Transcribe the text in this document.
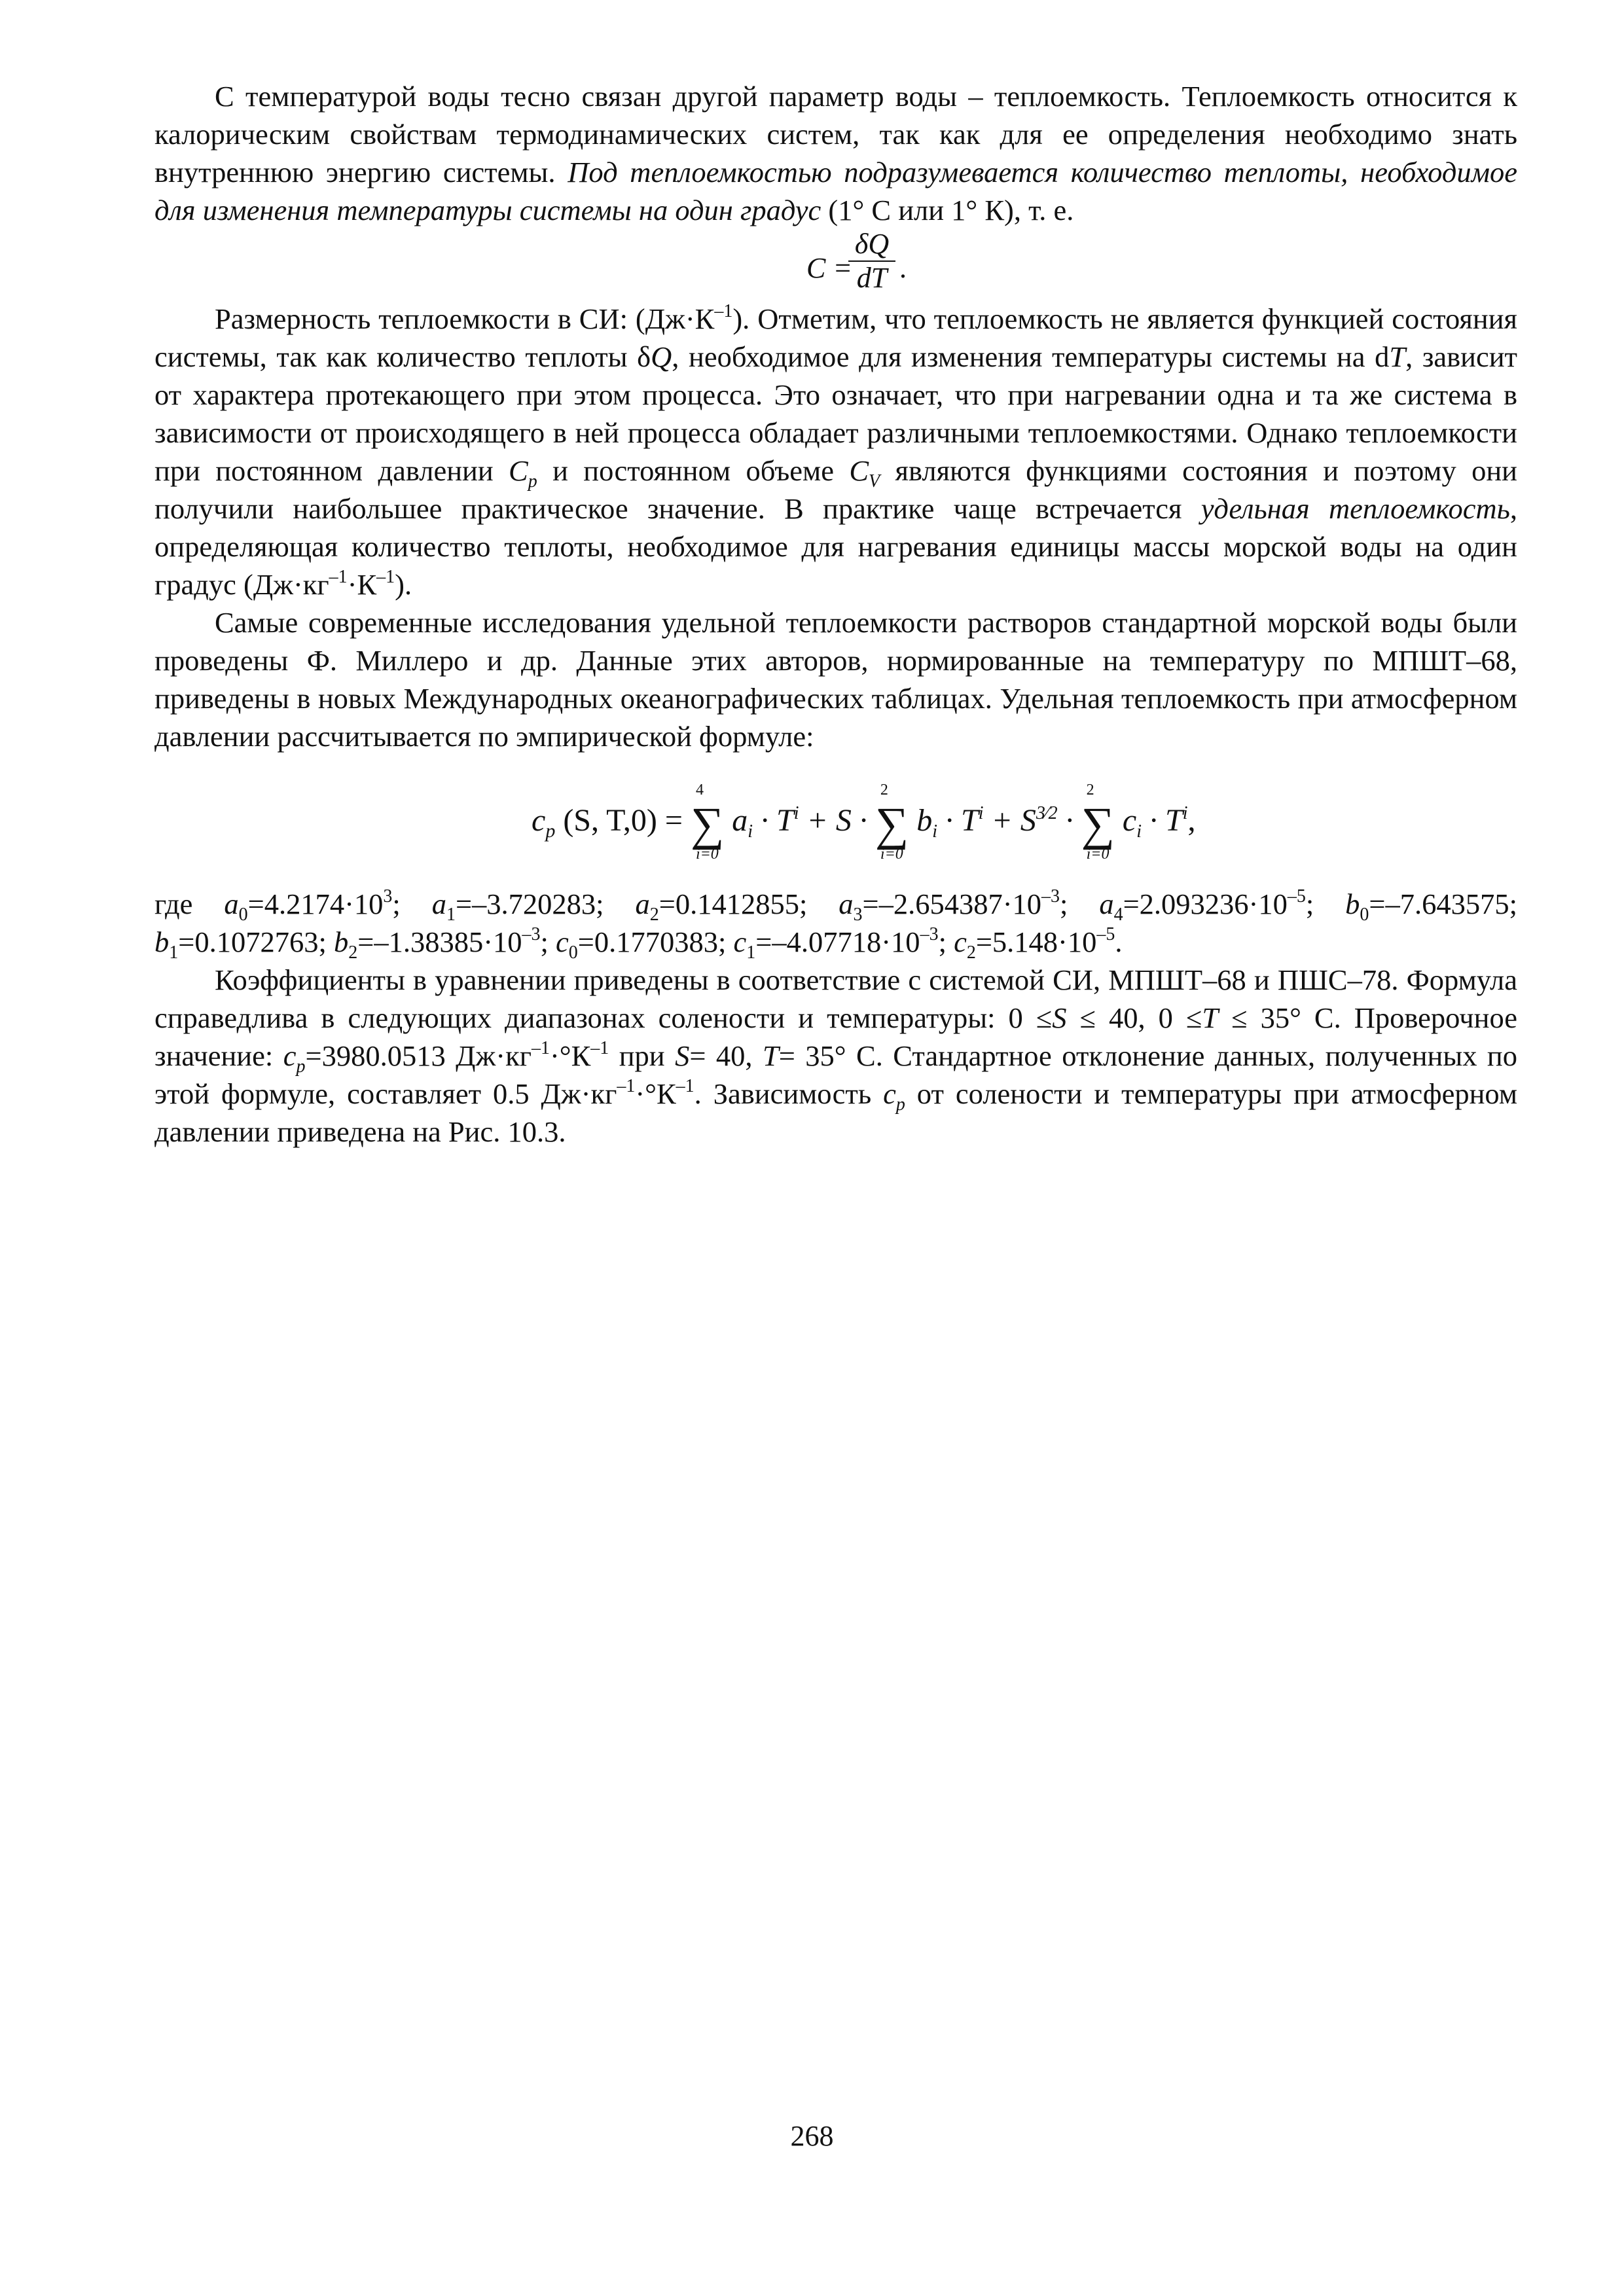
С температурой воды тесно связан другой параметр воды – теплоемкость. Теплоемкость относится к калорическим свойствам термодинамических систем, так как для ее определения необходимо знать внутреннюю энергию системы. Под теплоемкостью подразумевается количество теплоты, необходимое для изменения температуры системы на один градус (1° С или 1° К), т. е.

C =
δQ
dT .

Размерность теплоемкости в СИ: $(Дж\cdot К^{-1})$. Отметим, что теплоемкость не является функцией состояния системы, так как количество теплоты δQ, необходимое для изменения температуры системы на dT, зависит от характера протекающего при этом процесса. Это означает, что при нагревании одна и та же система в зависимости от происходящего в ней процесса обладает различными теплоемкостями. Однако теплоемкости при постоянном давлении $C_p$ и постоянном объеме $C_V$ являются функциями состояния и поэтому они получили наибольшее практическое значение. В практике чаще встречается удельная теплоемкость, определяющая количество теплоты, необходимое для нагревания единицы массы морской воды на один градус $(Дж\cdot кг^{-1}\cdot К^{-1})$.

Самые современные исследования удельной теплоемкости растворов стандартной морской воды были проведены Ф. Миллеро и др. Данные этих авторов, нормированные на температуру по МПШТ–68, приведены в новых Международных океанографических таблицах. Удельная теплоемкость при атмосферном давлении рассчитывается по эмпирической формуле:

$c_p$ (S, T,0) = ∑
4
i=0
$a_i \cdot T^i + S$ · ∑
2
i=0
$b_i \cdot T^i + S^{3⁄2}$ · ∑
2
i=0
$c_i \cdot T^i$,

где $a_0=4.2174\cdot 10^3$; $a_1=-3.720283$; $a_2=0.1412855$; $a_3=-2.654387\cdot 10^{-3}$; $a_4=2.093236\cdot 10^{-5}$; $b_0=-7.643575$; $b_1=0.1072763$; $b_2=-1.38385\cdot 10^{-3}$; $c_0=0.1770383$; $c_1=-4.07718\cdot 10^{-3}$; $c_2=5.148\cdot 10^{-5}$.

Коэффициенты в уравнении приведены в соответствие с системой СИ, МПШТ–68 и ПШС–78. Формула справедлива в следующих диапазонах солености и температуры: 0 ≤S ≤ 40, 0 ≤T ≤ 35° С. Проверочное значение: $c_p=3980.0513$ $Дж\cdot кг^{-1}\cdot^\circ К^{-1}$ при S= 40, T= 35° С. Стандартное отклонение данных, полученных по этой формуле, составляет 0.5 $Дж\cdot кг^{-1}\cdot^\circ К^{-1}$. Зависимость $c_p$ от солености и температуры при атмосферном давлении приведена на Рис. 10.3.

268
